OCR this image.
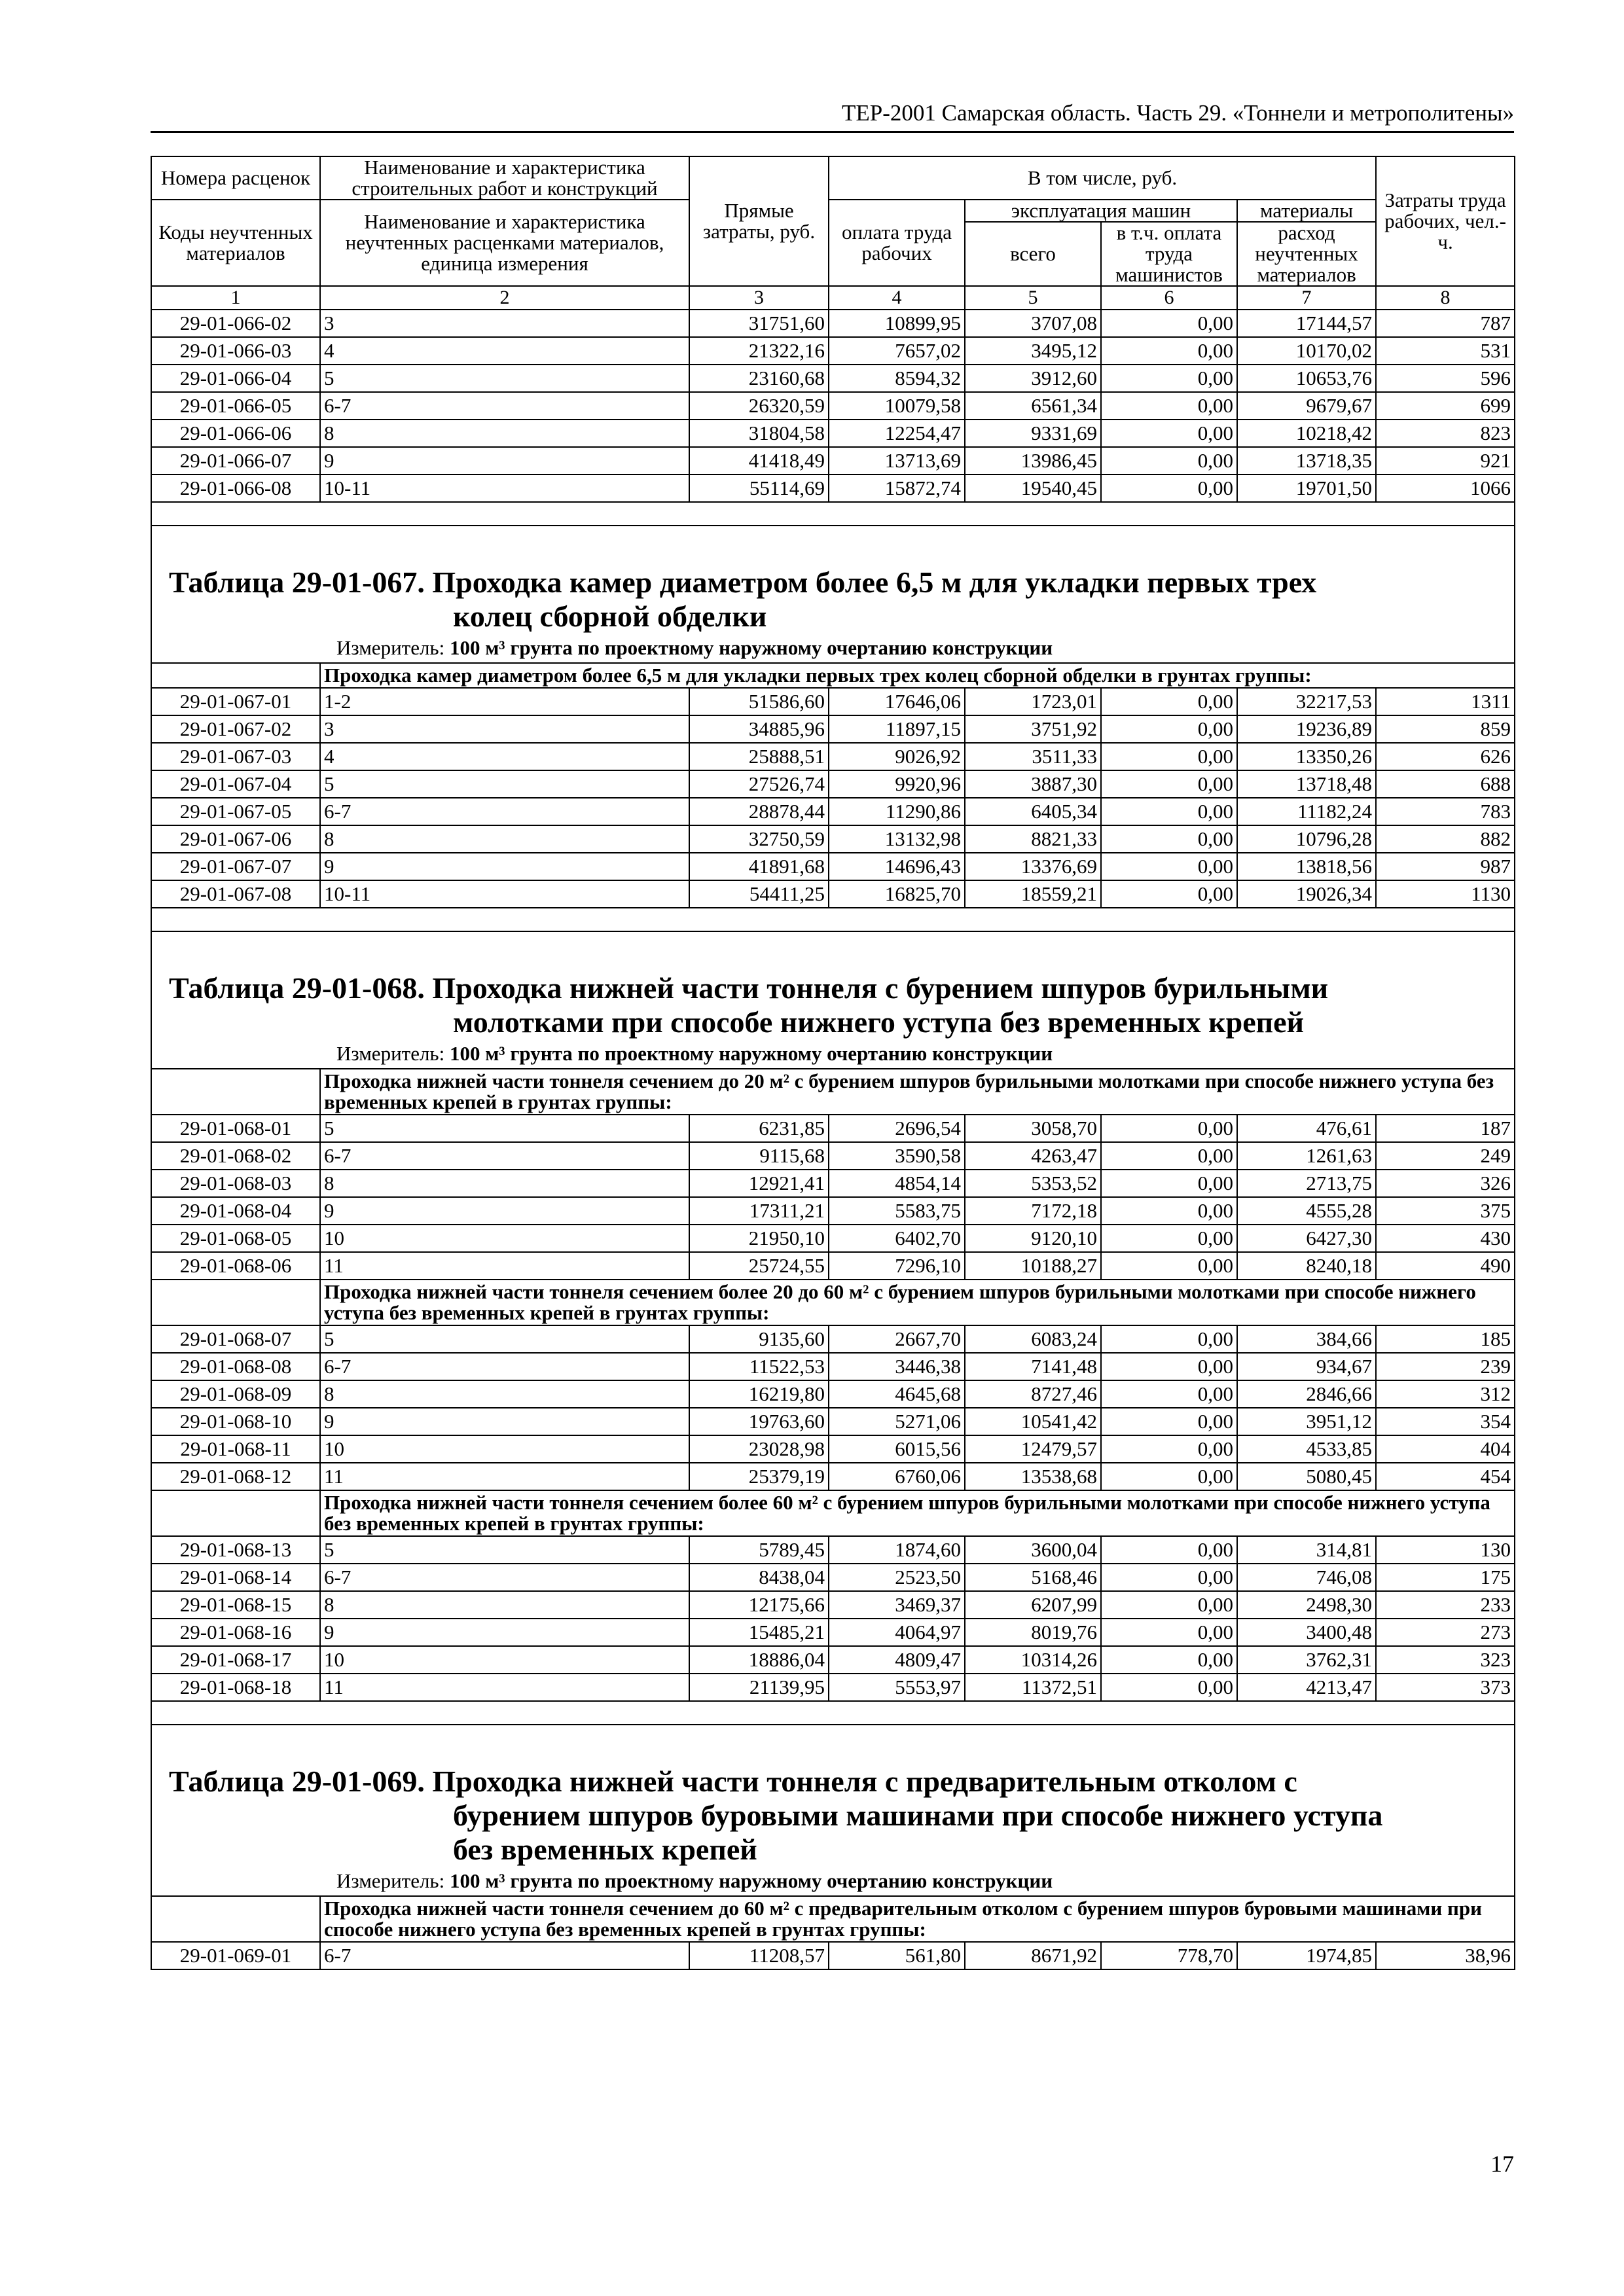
ТЕР-2001 Самарская область. Часть 29. «Тоннели и метрополитены»
Номера расценок	Наименование и характеристика строительных работ и конструкций	Прямые затраты, руб.	В том числе, руб.				Затраты труда рабочих, чел.-ч.
Коды неучтенных материалов	Наименование и характеристика неучтенных расценками материалов, единица измерения		оплата труда рабочих	эксплуатация машин		материалы	
				всего	в т.ч. оплата труда машинистов	расход неучтенных материалов	

1	2	3	4	5	6	7	8
29-01-066-02	3	31751,60	10899,95	3707,08	0,00	17144,57	787
29-01-066-03	4	21322,16	7657,02	3495,12	0,00	10170,02	531
29-01-066-04	5	23160,68	8594,32	3912,60	0,00	10653,76	596
29-01-066-05	6-7	26320,59	10079,58	6561,34	0,00	9679,67	699
29-01-066-06	8	31804,58	12254,47	9331,69	0,00	10218,42	823
29-01-066-07	9	41418,49	13713,69	13986,45	0,00	13718,35	921
29-01-066-08	10-11	55114,69	15872,74	19540,45	0,00	19701,50	1066

Таблица 29-01-067. Проходка камер диаметром более 6,5 м для укладки первых трех
колец сборной обделки							

Измеритель: 100 м³ грунта по проектному наружному очертанию конструкции							

	Проходка камер диаметром более 6,5 м для укладки первых трех колец сборной обделки в грунтах группы:						
29-01-067-01	1-2	51586,60	17646,06	1723,01	0,00	32217,53	1311
29-01-067-02	3	34885,96	11897,15	3751,92	0,00	19236,89	859
29-01-067-03	4	25888,51	9026,92	3511,33	0,00	13350,26	626
29-01-067-04	5	27526,74	9920,96	3887,30	0,00	13718,48	688
29-01-067-05	6-7	28878,44	11290,86	6405,34	0,00	11182,24	783
29-01-067-06	8	32750,59	13132,98	8821,33	0,00	10796,28	882
29-01-067-07	9	41891,68	14696,43	13376,69	0,00	13818,56	987
29-01-067-08	10-11	54411,25	16825,70	18559,21	0,00	19026,34	1130

Таблица 29-01-068. Проходка нижней части тоннеля с бурением шпуров бурильными
молотками при способе нижнего уступа без временных крепей							

Измеритель: 100 м³ грунта по проектному наружному очертанию конструкции							

	Проходка нижней части тоннеля сечением до 20 м² с бурением шпуров бурильными молотками при способе нижнего уступа без временных крепей в грунтах группы:						
29-01-068-01	5	6231,85	2696,54	3058,70	0,00	476,61	187
29-01-068-02	6-7	9115,68	3590,58	4263,47	0,00	1261,63	249
29-01-068-03	8	12921,41	4854,14	5353,52	0,00	2713,75	326
29-01-068-04	9	17311,21	5583,75	7172,18	0,00	4555,28	375
29-01-068-05	10	21950,10	6402,70	9120,10	0,00	6427,30	430
29-01-068-06	11	25724,55	7296,10	10188,27	0,00	8240,18	490
	Проходка нижней части тоннеля сечением более 20 до 60 м² с бурением шпуров бурильными молотками при способе нижнего уступа без временных крепей в грунтах группы:						
29-01-068-07	5	9135,60	2667,70	6083,24	0,00	384,66	185
29-01-068-08	6-7	11522,53	3446,38	7141,48	0,00	934,67	239
29-01-068-09	8	16219,80	4645,68	8727,46	0,00	2846,66	312
29-01-068-10	9	19763,60	5271,06	10541,42	0,00	3951,12	354
29-01-068-11	10	23028,98	6015,56	12479,57	0,00	4533,85	404
29-01-068-12	11	25379,19	6760,06	13538,68	0,00	5080,45	454
	Проходка нижней части тоннеля сечением более 60 м² с бурением шпуров бурильными молотками при способе нижнего уступа без временных крепей в грунтах группы:						
29-01-068-13	5	5789,45	1874,60	3600,04	0,00	314,81	130
29-01-068-14	6-7	8438,04	2523,50	5168,46	0,00	746,08	175
29-01-068-15	8	12175,66	3469,37	6207,99	0,00	2498,30	233
29-01-068-16	9	15485,21	4064,97	8019,76	0,00	3400,48	273
29-01-068-17	10	18886,04	4809,47	10314,26	0,00	3762,31	323
29-01-068-18	11	21139,95	5553,97	11372,51	0,00	4213,47	373

Таблица 29-01-069. Проходка нижней части тоннеля с предварительным отколом с
бурением шпуров буровыми машинами при способе нижнего уступа
без временных крепей							

Измеритель: 100 м³ грунта по проектному наружному очертанию конструкции							

	Проходка нижней части тоннеля сечением до 60 м² с предварительным отколом с бурением шпуров буровыми машинами при способе нижнего уступа без временных крепей в грунтах группы:						
29-01-069-01	6-7	11208,57	561,80	8671,92	778,70	1974,85	38,96
17
